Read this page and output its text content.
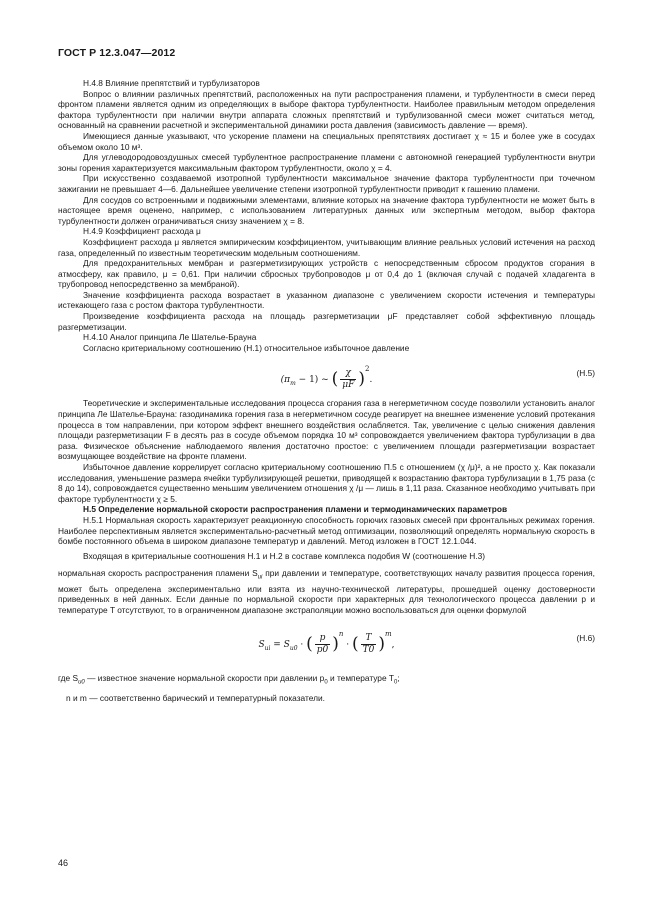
ГОСТ Р 12.3.047—2012

Н.4.8 Влияние препятствий и турбулизаторов

Вопрос о влиянии различных препятствий, расположенных на пути распространения пламени, и турбулентности в смеси перед фронтом пламени является одним из определяющих в выборе фактора турбулентности. Наиболее правильным методом определения фактора турбулентности при наличии внутри аппарата сложных препятствий и турбулизованной смеси может считаться метод, основанный на сравнении расчетной и экспериментальной динамики роста давления (зависимость давление — время).

Имеющиеся данные указывают, что ускорение пламени на специальных препятствиях достигает χ ≈ 15 и более уже в сосудах объемом около 10 м³.

Для углеводородовоздушных смесей турбулентное распространение пламени с автономной генерацией турбулентности внутри зоны горения характеризуется максимальным фактором турбулентности, около χ = 4.

При искусственно создаваемой изотропной турбулентности максимальное значение фактора турбулентности при точечном зажигании не превышает 4—6. Дальнейшее увеличение степени изотропной турбулентности приводит к гашению пламени.

Для сосудов со встроенными и подвижными элементами, влияние которых на значение фактора турбулентности не может быть в настоящее время оценено, например, с использованием литературных данных или экспертным методом, выбор фактора турбулентности должен ограничиваться снизу значением χ = 8.

Н.4.9 Коэффициент расхода μ

Коэффициент расхода μ является эмпирическим коэффициентом, учитывающим влияние реальных условий истечения на расход газа, определенный по известным теоретическим модельным соотношениям.

Для предохранительных мембран и разгерметизирующих устройств с непосредственным сбросом продуктов сгорания в атмосферу, как правило, μ = 0,61. При наличии сбросных трубопроводов μ от 0,4 до 1 (включая случай с подачей хладагента в трубопровод непосредственно за мембраной).

Значение коэффициента расхода возрастает в указанном диапазоне с увеличением скорости истечения и температуры истекающего газа с ростом фактора турбулентности.

Произведение коэффициента расхода на площадь разгерметизации μF представляет собой эффективную площадь разгерметизации.

Н.4.10 Аналог принципа Ле Шателье-Брауна

Согласно критериальному соотношению (Н.1) относительное избыточное давление

$(\pi_m - 1)$ ~ ( $\frac{\chi}{\mu F} )^2$.
(Н.5)

Теоретические и экспериментальные исследования процесса сгорания газа в негерметичном сосуде позволили установить аналог принципа Ле Шателье-Брауна: газодинамика горения газа в негерметичном сосуде реагирует на внешнее изменение условий протекания процесса в том направлении, при котором эффект внешнего воздействия ослабляется. Так, увеличение с целью снижения давления площади разгерметизации F в десять раз в сосуде объемом порядка 10 м³ сопровождается увеличением фактора турбулизации в два раза. Физическое объяснение наблюдаемого явления достаточно простое: с увеличением площади разгерметизации возрастает возмущающее воздействие на фронте пламени.

Избыточное давление коррелирует согласно критериальному соотношению П.5 с отношением (χ /μ)², а не просто χ. Как показали исследования, уменьшение размера ячейки турбулизирующей решетки, приводящей к возрастанию фактора турбулизации в 1,75 раза (с 8 до 14), сопровождается существенно меньшим увеличением отношения χ /μ — лишь в 1,11 раза. Сказанное необходимо учитывать при факторе турбулентности χ ≥ 5.

Н.5 Определение нормальной скорости распространения пламени и термодинамических параметров

Н.5.1 Нормальная скорость характеризует реакционную способность горючих газовых смесей при фронтальных режимах горения. Наиболее перспективным является экспериментально-расчетный метод оптимизации, позволяющий определять нормальную скорость в бомбе постоянного объема в широком диапазоне температур и давлений. Метод изложен в ГОСТ 12.1.044.

Входящая в критериальные соотношения Н.1 и Н.2 в составе комплекса подобия W (соотношение Н.3)

нормальная скорость распространения пламени $S_{ui}$ при давлении и температуре, соответствующих началу развития процесса горения, может быть определена экспериментально или взята из научно-технической литературы, прошедшей оценку достоверности приведенных в ней данных. Если данные по нормальной скорости при характерных для технологического процесса давлении p и температуре T отсутствуют, то в ограниченном диапазоне экстраполяции можно воспользоваться для оценки формулой

$S_{ui} = S_{u0}$ · ( $\frac{p}{p0} )^n$ · ( $\frac{T}{T0} )^m$,
(Н.6)

где $S_{u0}$ — известное значение нормальной скорости при давлении $p_0$ и температуре $T_0$;

n и m — соответственно барический и температурный показатели.

46
